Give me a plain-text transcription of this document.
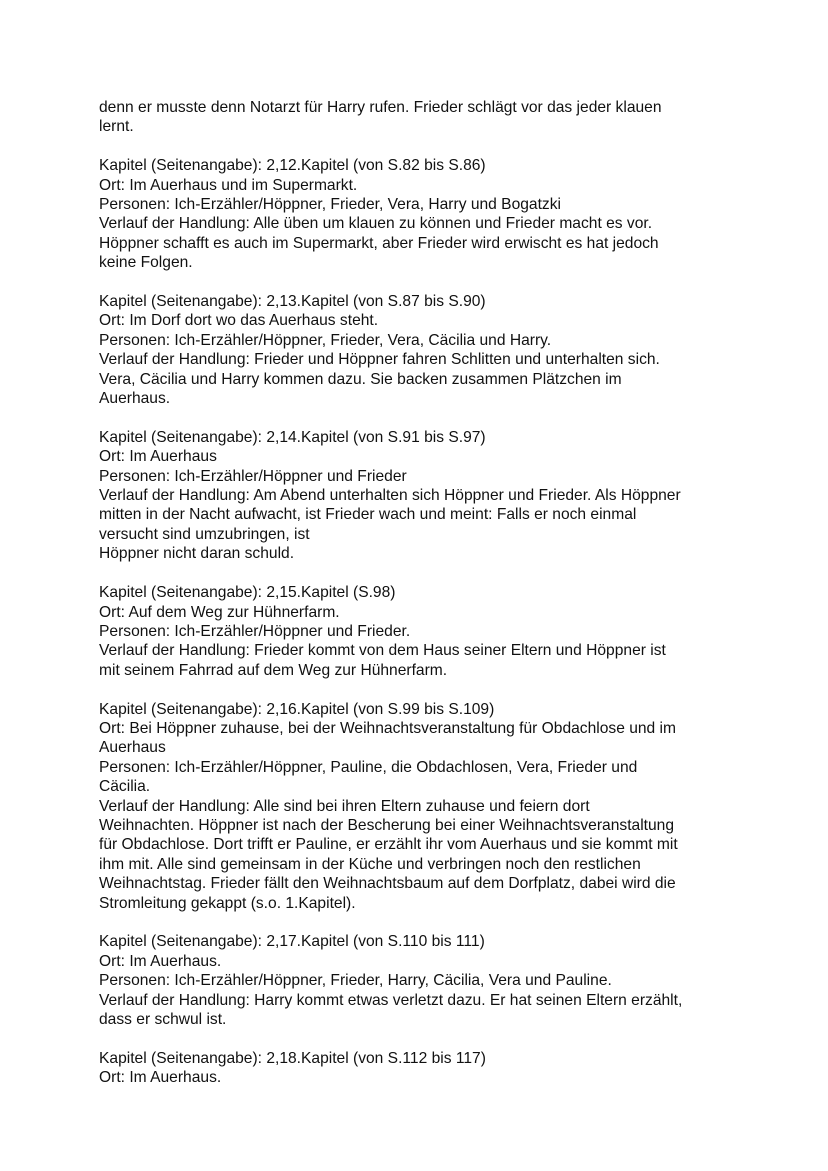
denn er musste denn Notarzt für Harry rufen. Frieder schlägt vor das jeder klauen
lernt.
Kapitel (Seitenangabe): 2,12.Kapitel (von S.82 bis S.86)
Ort: Im Auerhaus und im Supermarkt.
Personen: Ich-Erzähler/Höppner, Frieder, Vera, Harry und Bogatzki
Verlauf der Handlung: Alle üben um klauen zu können und Frieder macht es vor.
Höppner schafft es auch im Supermarkt, aber Frieder wird erwischt es hat jedoch
keine Folgen.
Kapitel (Seitenangabe): 2,13.Kapitel (von S.87 bis S.90)
Ort: Im Dorf dort wo das Auerhaus steht.
Personen: Ich-Erzähler/Höppner, Frieder, Vera, Cäcilia und Harry.
Verlauf der Handlung: Frieder und Höppner fahren Schlitten und unterhalten sich.
Vera, Cäcilia und Harry kommen dazu. Sie backen zusammen Plätzchen im
Auerhaus.
Kapitel (Seitenangabe): 2,14.Kapitel (von S.91 bis S.97)
Ort: Im Auerhaus
Personen: Ich-Erzähler/Höppner und Frieder
Verlauf der Handlung: Am Abend unterhalten sich Höppner und Frieder. Als Höppner
mitten in der Nacht aufwacht, ist Frieder wach und meint: Falls er noch einmal
versucht sind umzubringen, ist
Höppner nicht daran schuld.
Kapitel (Seitenangabe): 2,15.Kapitel (S.98)
Ort: Auf dem Weg zur Hühnerfarm.
Personen: Ich-Erzähler/Höppner und Frieder.
Verlauf der Handlung: Frieder kommt von dem Haus seiner Eltern und Höppner ist
mit seinem Fahrrad auf dem Weg zur Hühnerfarm.
Kapitel (Seitenangabe): 2,16.Kapitel (von S.99 bis S.109)
Ort: Bei Höppner zuhause, bei der Weihnachtsveranstaltung für Obdachlose und im
Auerhaus
Personen: Ich-Erzähler/Höppner, Pauline, die Obdachlosen, Vera, Frieder und
Cäcilia.
Verlauf der Handlung: Alle sind bei ihren Eltern zuhause und feiern dort
Weihnachten. Höppner ist nach der Bescherung bei einer Weihnachtsveranstaltung
für Obdachlose. Dort trifft er Pauline, er erzählt ihr vom Auerhaus und sie kommt mit
ihm mit. Alle sind gemeinsam in der Küche und verbringen noch den restlichen
Weihnachtstag. Frieder fällt den Weihnachtsbaum auf dem Dorfplatz, dabei wird die
Stromleitung gekappt (s.o. 1.Kapitel).
Kapitel (Seitenangabe): 2,17.Kapitel (von S.110 bis 111)
Ort: Im Auerhaus.
Personen: Ich-Erzähler/Höppner, Frieder, Harry, Cäcilia, Vera und Pauline.
Verlauf der Handlung: Harry kommt etwas verletzt dazu. Er hat seinen Eltern erzählt,
dass er schwul ist.
Kapitel (Seitenangabe): 2,18.Kapitel (von S.112 bis 117)
Ort: Im Auerhaus.
